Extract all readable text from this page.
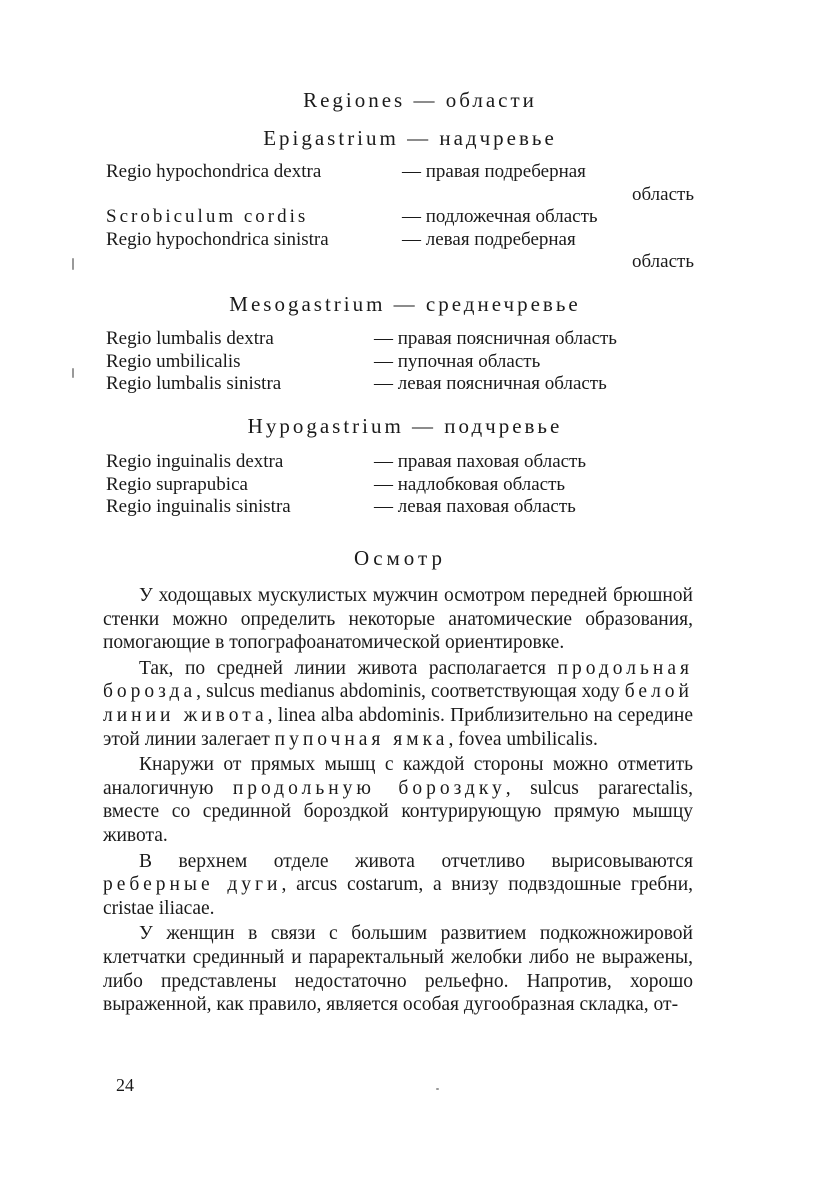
Regiones — области
Epigastrium — надчревье
Regio hypochondrica dextra	— правая подреберная
область
Scrobiculum cordis	— подложечная область
Regio hypochondrica sinistra	— левая подреберная
область
Mesogastrium — среднечревье
Regio lumbalis dextra	— правая поясничная область
Regio umbilicalis	— пупочная область
Regio lumbalis sinistra	— левая поясничная область
Hypogastrium — подчревье
Regio inguinalis dextra	— правая паховая область
Regio suprapubica	— надлобковая область
Regio inguinalis sinistra	— левая паховая область
Осмотр

У ходощавых мускулистых мужчин осмотром передней брюшной стенки можно определить некоторые анатомические образования, помогающие в топографоанатомической ориентировке.

Так, по средней линии живота располагается продольная борозда, sulcus medianus abdominis, соответствующая ходу белой линии живота, linea alba abdominis. Приблизительно на середине этой линии залегает пупочная ямка, fovea umbilicalis.

Кнаружи от прямых мышц с каждой стороны можно отметить аналогичную продольную бороздку, sulcus pararectalis, вместе со срединной бороздкой контурирующую прямую мышцу живота.

В верхнем отделе живота отчетливо вырисовываются реберные дуги, arcus costarum, а внизу подвздошные гребни, cristae iliacae.

У женщин в связи с большим развитием подкожножировой клетчатки срединный и параректальный желобки либо не выражены, либо представлены недостаточно рельефно. Напротив, хорошо выраженной, как правило, является особая дугообразная складка, от-

24
